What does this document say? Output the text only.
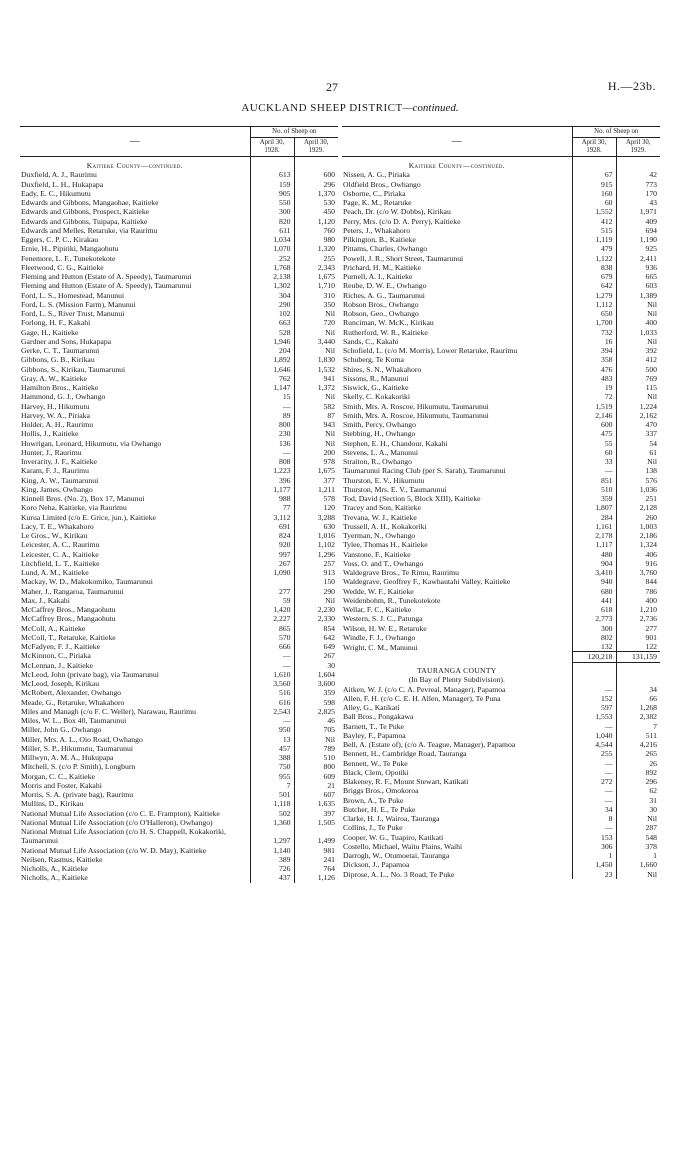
27	H.—23b.
AUCKLAND SHEEP DISTRICT—continued.
—	No. of Sheep on	
	April 30, 1928.	April 30, 1929.
Kaitieke County—continued.		
Duxfield, A. J., Raurimu	613	600
Duxfield, L. H., Hukapapa	159	296
Eady, E. C., Hikumutu	905	1,370
Edwards and Gibbons, Mangaohae, Kaitieke	550	530
Edwards and Gibbons, Prospect, Kaitieke	300	450
Edwards and Gibbons, Tuipapa, Kaitieke	820	1,120
Edwards and Melles, Retaruke, via Raurimu	611	760
Eggers, C. P. C., Kirakau	1,034	980
Ernie, H., Pipiriki, Mangaohutu	1,070	1,320
Fenemore, L. F., Tunekotekote	252	255
Fleetwood, C. G., Kaitieke	1,768	2,343
Fleming and Hutton (Estate of A. Speedy), Taumarunui	2,138	1,675
Fleming and Hutton (Estate of A. Speedy), Taumarunui	1,302	1,710
Ford, L. S., Homestead, Manunui	304	310
Ford, L. S. (Mission Farm), Manunui	290	350
Ford, L. S., River Trust, Manunui	102	Nil
Forlong, H. F., Kakahi	663	720
Gage, H., Kaitieke	528	Nil
Gardner and Sons, Hukapapa	1,946	3,440
Gerke, C. T., Taumarunui	204	Nil
Gibbons, G. B., Kirikau	1,892	1,830
Gibbons, S., Kirikau, Taumarunui	1,646	1,532
Gray, A. W., Kaitieke	762	941
Hamilton Bros., Kaitieke	1,147	1,372
Hammond, G. J., Owhango	15	Nil
Harvey, H., Hikumutu	—	582
Harvey, W. A., Piriaka	89	87
Holder, A. H., Raurimu	800	943
Hollis, J., Kaitieke	230	Nil
Howrigan, Leonard, Hikumutu, via Owhango	136	Nil
Hunter, J., Raurimu	—	200
Inverarity, J. F., Kaitieke	808	978
Karam, F. J., Raurimu	1,223	1,675
King, A. W., Taumarunui	396	377
King, James, Owhango	1,177	1,211
Kinnell Bros. (No. 2), Box 17, Manunui	988	578
Koro Neha, Kaitieke, via Raurimu	77	120
Kurua Limited (c/o E. Grice, jun.), Kaitieke	3,112	3,288
Lacy, T. E., Whakahoro	691	630
Le Gros., W., Kirikau	824	1,016
Leicester, A. C., Raurimu	920	1,102
Leicester, C. A., Kaitieke	997	1,296
Litchfield, L. T., Kaitieke	267	257
Lund, A. M., Kaitieke	1,090	913
Mackay, W. D., Makokomiko, Taumarunui		150
Maher, J., Rangaroa, Taumarunui	277	290
Max, J., Kakahi	59	Nil
McCaffrey Bros., Mangaohutu	1,420	2,230
McCaffrey Bros., Mangaohutu	2,227	2,330
McColl, A., Kaitieke	865	854
McColl, T., Retaruke, Kaitieke	570	642
McFadyen, F. J., Kaitieke	666	649
McKinnon, C., Piriaka	—	267
McLennan, J., Kaitieke	—	30
McLeod, John (private bag), via Taumarunui	1,610	1,604
McLeod, Joseph, Kirikau	3,560	3,600
McRobert, Alexander, Owhango	516	359
Meade, G., Retaruke, Whakahoro	616	598
Miles and Managh (c/o F. C. Weller), Narawau, Raurimu	2,543	2,825
Miles, W. L., Box 40, Taumarunui	—	46
Miller, John G., Owhango	950	705
Miller, Mrs. A. L., Oio Road, Owhango	13	Nil
Miller, S. P., Hikumutu, Taumarunui	457	789
Millwyn, A. M. A., Hukupapa	388	510
Mitchell, S. (c/o P. Smith), Longburn	750	800
Morgan, C. C., Kaitieke	955	609
Morris and Foster, Kakahi	7	21
Morris, S. A. (private bag), Raurimu	501	607
Mullins, D., Kirikau	1,118	1,635
National Mutual Life Association (c/o C. E. Frampton), Kaitieke	502	397
National Mutual Life Association (c/o O'Halleron), Owhango)	1,360	1,505
National Mutual Life Association (c/o H. S. Chappell, Kokakoriki, Taumarunui	1,297	1,499
National Mutual Life Association (c/o W. D. May), Kaitieke	1,140	981
Neilsen, Rasmus, Kaitieke	389	241
Nicholls, A., Kaitieke	726	764
Nicholls, A., Kaitieke	437	1,126
—	No. of Sheep on	
	April 30, 1928.	April 30, 1929.
Kaitieke County—continued.		
Nissen, A. G., Piriaka	67	42
Oldfield Bros., Owhango	915	773
Osborne, C., Piriaka	160	170
Page, K. M., Retaruke	60	43
Peach, Dr. (c/o W. Dobbs), Kirikau	1,552	1,971
Perry, Mrs. (c/o D. A. Perry), Kaitieke	412	409
Peters, J., Whakahoro	515	694
Pilkington, B., Kaitieke	1,119	1,190
Pittams, Charles, Owhango	479	925
Powell, J. R., Short Street, Taumarunui	1,122	2,411
Prichard, H. M., Kaitieke	838	936
Purnell, A. I., Kaitieke	679	665
Reube, D. W. E., Owhango	642	603
Riches, A. G., Taumarunui	1,279	1,389
Robson Bros., Owhango	1,112	Nil
Robson, Geo., Owhango	650	Nil
Runciman, W. McK., Kirikau	1,700	400
Rutherford, W. R., Kaitieke	732	1,033
Sands, C., Kakahi	16	Nil
Schofield, L. (c/o M. Morris), Lower Retaruke, Raurimu	394	392
Schuberg, Te Koma	358	412
Shires, S. N., Whakahoro	476	500
Sissons, R., Manunui	483	769
Siswick, G., Kaitieke	19	115
Skelly, C. Kokakoriki	72	Nil
Smith, Mrs. A. Roscoe, Hikumutu, Taumarunui	1,519	1,224
Smith, Mrs. A. Roscoe, Hikumutu, Taumarunui	2,146	2,162
Smith, Percy, Owhango	600	470
Stebbing, H., Owhango	475	337
Stephen, E. H., Chandour, Kakahi	55	54
Stevens, L. A., Manunui	60	61
Straiton, R., Owhango	33	Nil
Taumarunui Racing Club (per S. Sarah), Taumarunui	—	138
Thurston, E. V., Hikumutu	851	576
Thurston, Mrs. E. V., Taumarunui	510	1,036
Tod, David (Section 5, Block XIII), Kaitieke	359	251
Tracey and Son, Kaitieke	1,807	2,128
Trevana, W. J., Kaitieke	284	260
Trussell, A. H., Kokakoriki	1,161	1,003
Tyerman, N., Owhango	2,178	2,186
Tylee, Thomas H., Kaitieke	1,117	1,324
Vanstone, F., Kaitieke	480	406
Voss, O. and T., Owhango	904	916
Waldegrave Bros., Te Rimu, Raurimu	3,410	3,760
Waldegrave, Geoffrey F., Kawhautahi Valley, Kaitieke	940	844
Wedde, W. F., Kaitieke	680	786
Weidenbohm, R., Tunekotekote	441	400
Wellar, F. C., Kaitieke	618	1,210
Western, S. J. C., Patunga	2,773	2,736
Wilson, H. W. E., Retaruke	300	277
Windle, F. J., Owhango	802	901
Wright, C. M., Manunui	132	122
	120,218	131,159
TAURANGA COUNTY		
(In Bay of Plenty Subdivision).		
Aitken, W. J. (c/o C. A. Pevreal, Manager), Papamoa	—	34
Allen, F. H. (c/o C. E. H. Allen, Manager), Te Puna	152	66
Alley, G., Katikati	597	1,268
Ball Bros., Pongakawa	1,553	2,382
Barnett, T., Te Puke	—	7
Bayley, F., Papamoa	1,040	511
Bell, A. (Estate of), (c/o A. Teague, Manager), Papamoa	4,544	4,216
Bennett, H., Cambridge Road, Tauranga	255	265
Bennett, W., Te Puke	—	26
Black, Clem, Opotiki	—	892
Blakeney, R. F., Mount Stewart, Katikati	272	296
Briggs Bros., Omokoroa	—	62
Brown, A., Te Puke	—	31
Butcher, H. E., Te Puke	34	30
Clarke, H. J., Wairoa, Tauranga	8	Nil
Collins, J., Te Puke	—	287
Cooper, W. G., Tuapiro, Katikati	153	548
Costello, Michael, Waitu Plains, Waihi	306	378
Darrogh, W., Otumoetai, Tauranga	1	1
Dickson, J., Papamoa	1,450	1,660
Diprose, A. L., No. 3 Road, Te Puke	23	Nil
